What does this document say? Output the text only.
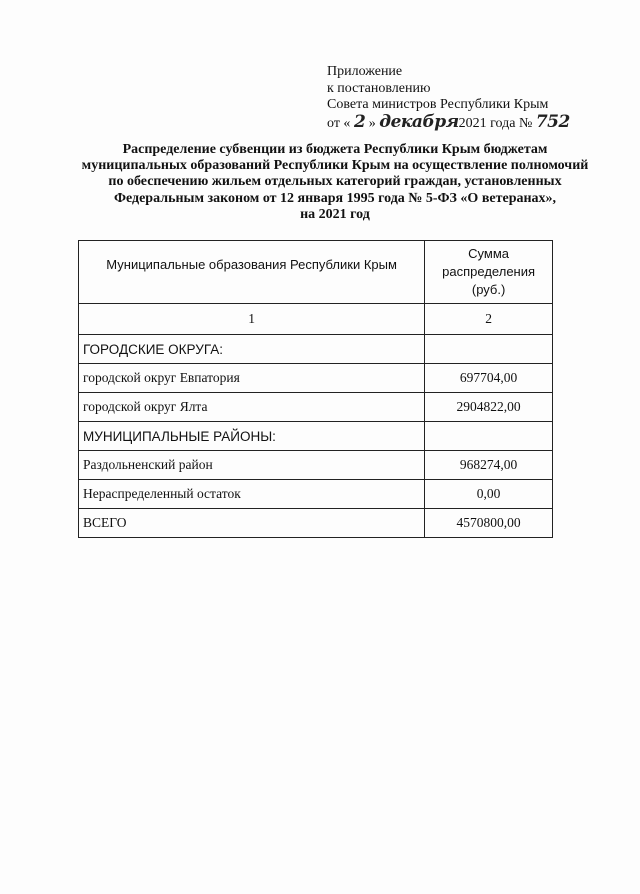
Приложение
к постановлению
Совета министров Республики Крым
от « 2 » декабря2021 года № 752
Распределение субвенции из бюджета Республики Крым бюджетам
муниципальных образований Республики Крым на осуществление полномочий
по обеспечению жильем отдельных категорий граждан, установленных
Федеральным законом от 12 января 1995 года № 5-ФЗ «О ветеранах»,
на 2021 год
Муниципальные образования Республики Крым	Сумма распределения (руб.)
1	2
ГОРОДСКИЕ ОКРУГА:	
городской округ Евпатория	697704,00
городской округ Ялта	2904822,00
МУНИЦИПАЛЬНЫЕ РАЙОНЫ:	
Раздольненский район	968274,00
Нераспределенный остаток	0,00
ВСЕГО	4570800,00
